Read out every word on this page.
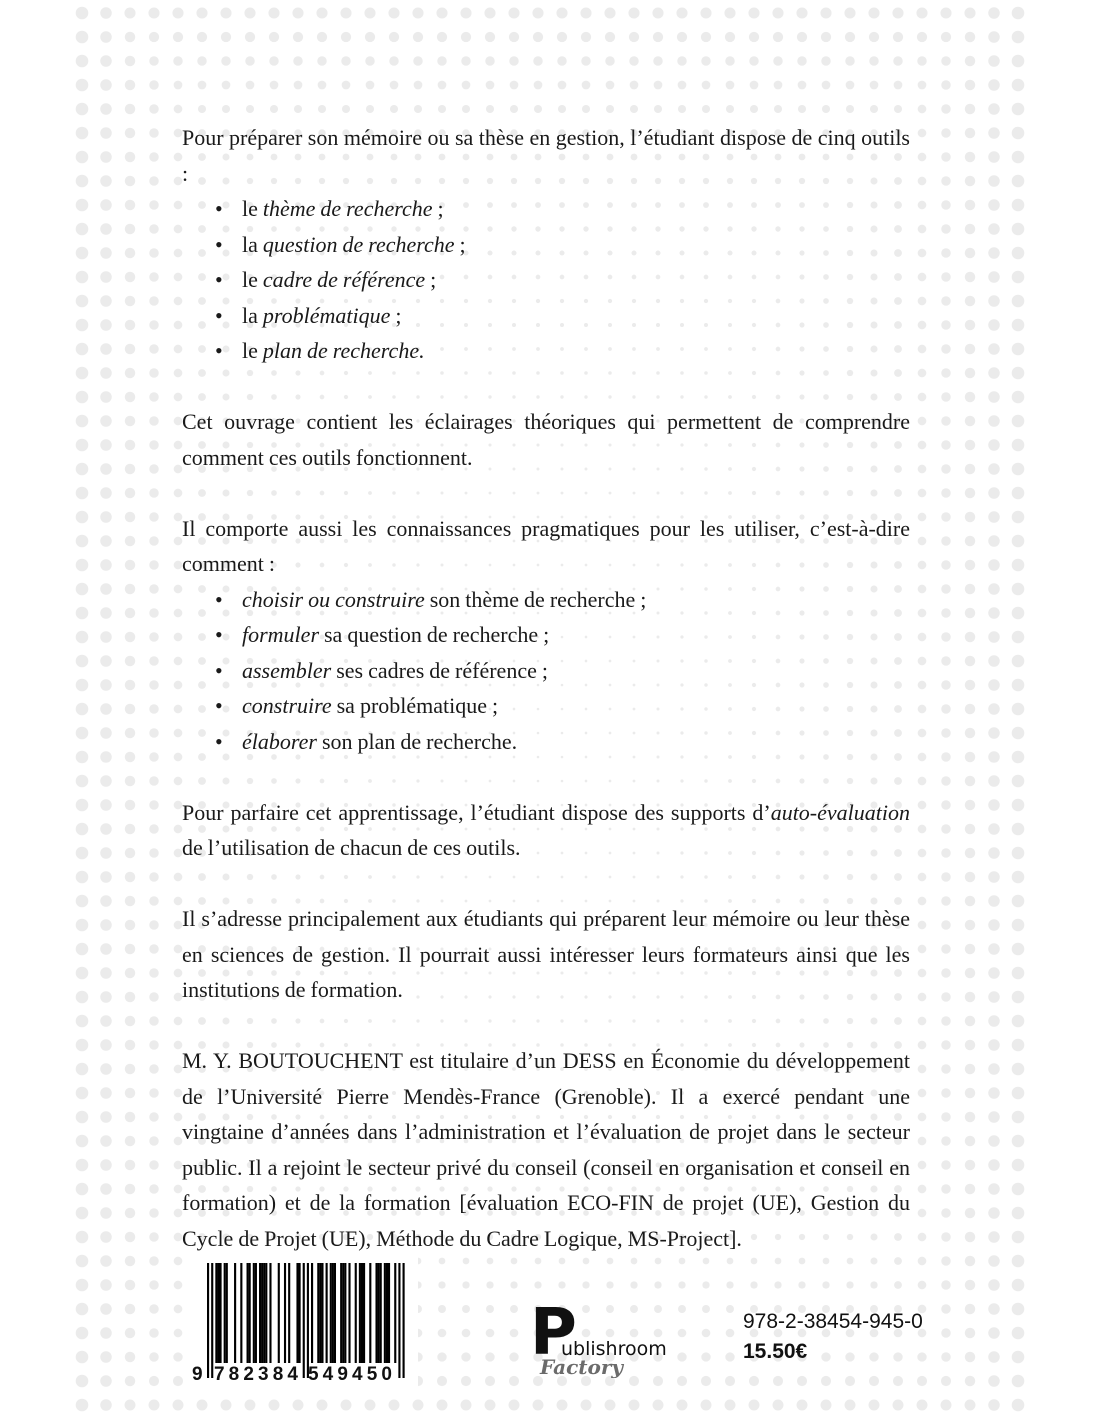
Pour préparer son mémoire ou sa thèse en gestion, l’étudiant dispose de cinq outils :

• le thème de recherche ;
• la question de recherche ;
• le cadre de référence ;
• la problématique ;
• le plan de recherche.

Cet ouvrage contient les éclairages théoriques qui permettent de comprendre comment ces outils fonctionnent.

Il comporte aussi les connaissances pragmatiques pour les utiliser, c’est-à-dire comment :

• choisir ou construire son thème de recherche ;
• formuler sa question de recherche ;
• assembler ses cadres de référence ;
• construire sa problématique ;
• élaborer son plan de recherche.

Pour parfaire cet apprentissage, l’étudiant dispose des supports d’auto-évaluation de l’utilisation de chacun de ces outils.

Il s’adresse principalement aux étudiants qui préparent leur mémoire ou leur thèse en sciences de gestion. Il pourrait aussi intéresser leurs formateurs ainsi que les institutions de formation.

M. Y. BOUTOUCHENT est titulaire d’un DESS en Économie du développement de l’Université Pierre Mendès-France (Grenoble). Il a exercé pendant une vingtaine d’années dans l’administration et l’évaluation de projet dans le secteur public. Il a rejoint le secteur privé du conseil (conseil en organisation et conseil en formation) et de la formation [évaluation ECO-FIN de projet (UE), Gestion du Cycle de Projet (UE), Méthode du Cadre Logique, MS-Project].

9 782384 549450
P
ublishroom
Factory
978-2-38454-945-0
15.50€
